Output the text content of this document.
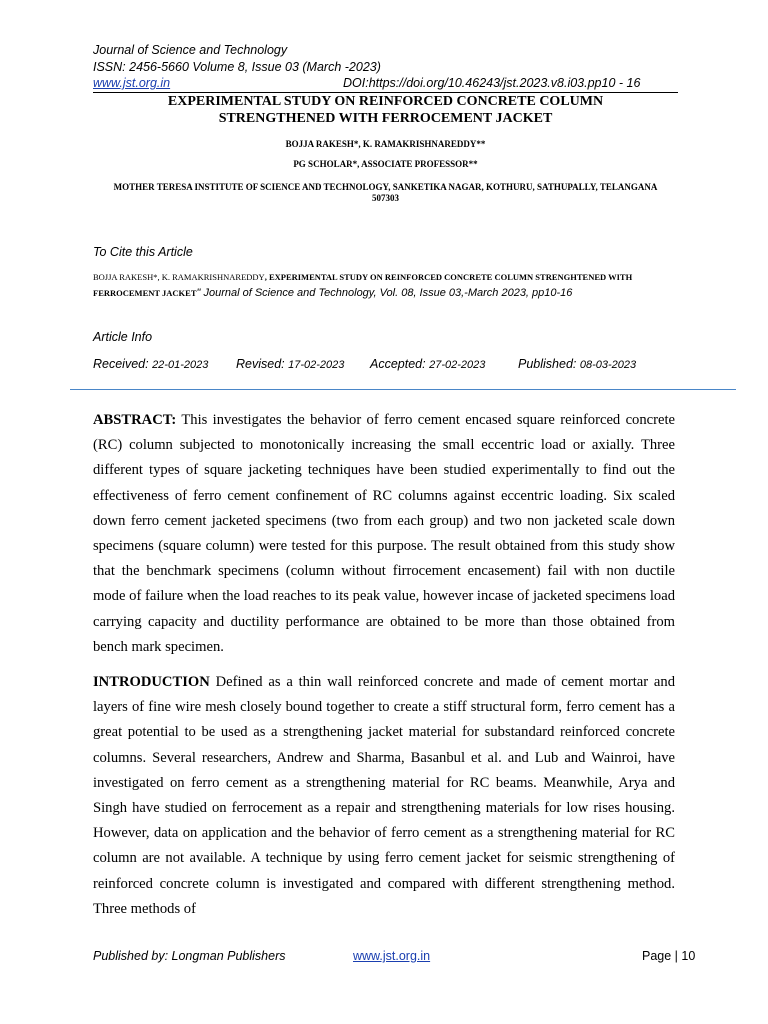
Journal of Science and Technology
ISSN: 2456-5660 Volume 8, Issue 03 (March -2023)
www.jst.org.in	DOI:https://doi.org/10.46243/jst.2023.v8.i03.pp10 - 16
EXPERIMENTAL STUDY ON REINFORCED CONCRETE COLUMN
STRENGTHENED WITH FERROCEMENT JACKET
BOJJA RAKESH*, K. RAMAKRISHNAREDDY**
PG SCHOLAR*, ASSOCIATE PROFESSOR**
MOTHER TERESA INSTITUTE OF SCIENCE AND TECHNOLOGY, SANKETIKA NAGAR, KOTHURU, SATHUPALLY, TELANGANA 507303
To Cite this Article
BOJJA RAKESH*, K. RAMAKRISHNAREDDY, EXPERIMENTAL STUDY ON REINFORCED CONCRETE COLUMN STRENGHTENED WITH FERROCEMENT JACKET" Journal of Science and Technology, Vol. 08, Issue 03,-March 2023, pp10-16
Article Info
Received: 22-01-2023 Revised: 17-02-2023 Accepted: 27-02-2023	Published: 08-03-2023
ABSTRACT: This investigates the behavior of ferro cement encased square reinforced concrete (RC) column subjected to monotonically increasing the small eccentric load or axially. Three different types of square jacketing techniques have been studied experimentally to find out the effectiveness of ferro cement confinement of RC columns against eccentric loading. Six scaled down ferro cement jacketed specimens (two from each group) and two non jacketed scale down specimens (square column) were tested for this purpose. The result obtained from this study show that the benchmark specimens (column without firrocement encasement) fail with non ductile mode of failure when the load reaches to its peak value, however incase of jacketed specimens load carrying capacity and ductility performance are obtained to be more than those obtained from bench mark specimen.
INTRODUCTION Defined as a thin wall reinforced concrete and made of cement mortar and layers of fine wire mesh closely bound together to create a stiff structural form, ferro cement has a great potential to be used as a strengthening jacket material for substandard reinforced concrete columns. Several researchers, Andrew and Sharma, Basanbul et al. and Lub and Wainroi, have investigated on ferro cement as a strengthening material for RC beams. Meanwhile, Arya and Singh have studied on ferrocement as a repair and strengthening materials for low rises housing. However, data on application and the behavior of ferro cement as a strengthening material for RC column are not available. A technique by using ferro cement jacket for seismic strengthening of reinforced concrete column is investigated and compared with different strengthening method. Three methods of
Published by: Longman Publishers	www.jst.org.in	Page | 10
